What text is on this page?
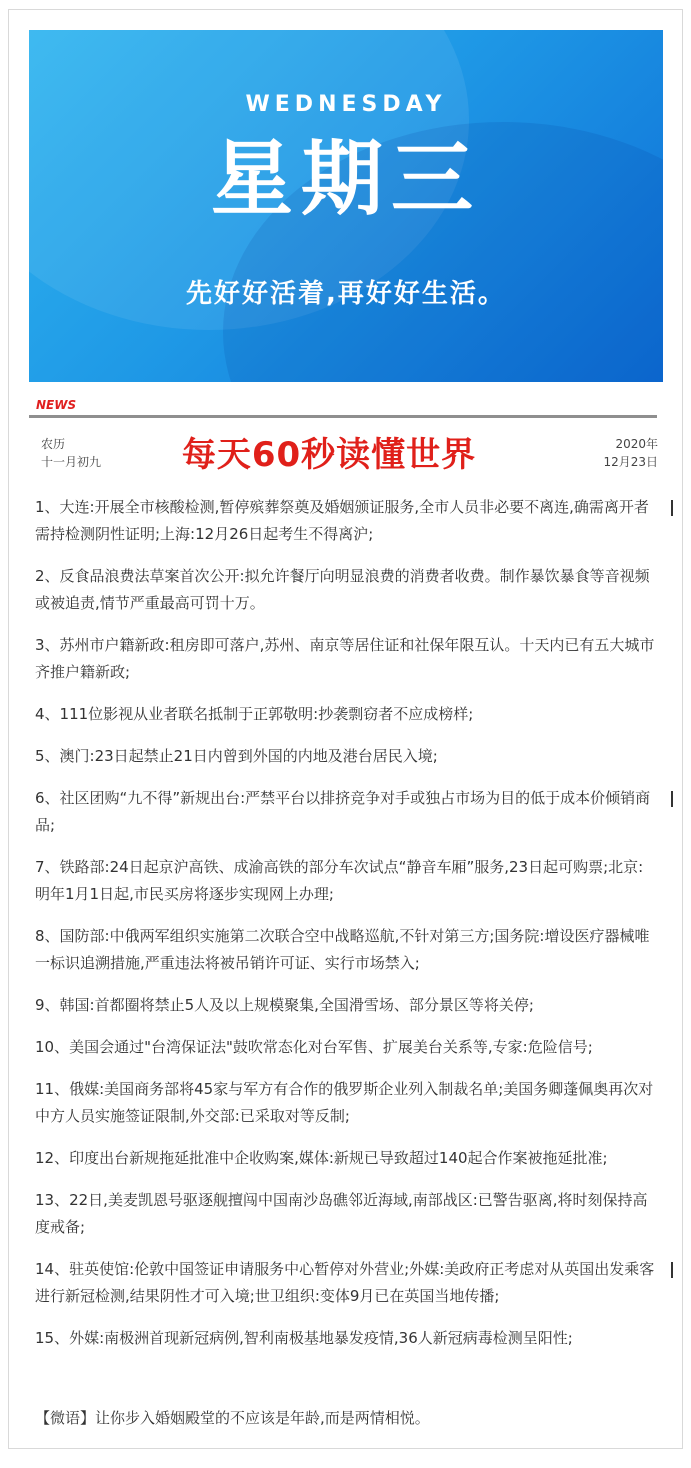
WEDNESDAY
星期三
先好好活着,再好好生活。
NEWS
农历
十一月初九	每天60秒读懂世界	2020年
12月23日
1、大连:开展全市核酸检测,暂停殡葬祭奠及婚姻颁证服务,全市人员非必要不离连,确需离开者需持检测阴性证明;上海:12月26日起考生不得离沪;
2、反食品浪费法草案首次公开:拟允许餐厅向明显浪费的消费者收费。制作暴饮暴食等音视频或被追责,情节严重最高可罚十万。
3、苏州市户籍新政:租房即可落户,苏州、南京等居住证和社保年限互认。十天内已有五大城市齐推户籍新政;
4、111位影视从业者联名抵制于正郭敬明:抄袭剽窃者不应成榜样;
5、澳门:23日起禁止21日内曾到外国的内地及港台居民入境;
6、社区团购“九不得”新规出台:严禁平台以排挤竞争对手或独占市场为目的低于成本价倾销商品;
7、铁路部:24日起京沪高铁、成渝高铁的部分车次试点“静音车厢”服务,23日起可购票;北京:明年1月1日起,市民买房将逐步实现网上办理;
8、国防部:中俄两军组织实施第二次联合空中战略巡航,不针对第三方;国务院:增设医疗器械唯一标识追溯措施,严重违法将被吊销许可证、实行市场禁入;
9、韩国:首都圈将禁止5人及以上规模聚集,全国滑雪场、部分景区等将关停;
10、美国会通过"台湾保证法"鼓吹常态化对台军售、扩展美台关系等,专家:危险信号;
11、俄媒:美国商务部将45家与军方有合作的俄罗斯企业列入制裁名单;美国务卿蓬佩奥再次对中方人员实施签证限制,外交部:已采取对等反制;
12、印度出台新规拖延批准中企收购案,媒体:新规已导致超过140起合作案被拖延批准;
13、22日,美麦凯恩号驱逐舰擅闯中国南沙岛礁邻近海域,南部战区:已警告驱离,将时刻保持高度戒备;
14、驻英使馆:伦敦中国签证申请服务中心暂停对外营业;外媒:美政府正考虑对从英国出发乘客进行新冠检测,结果阴性才可入境;世卫组织:变体9月已在英国当地传播;
15、外媒:南极洲首现新冠病例,智利南极基地暴发疫情,36人新冠病毒检测呈阳性;
【微语】让你步入婚姻殿堂的不应该是年龄,而是两情相悦。
